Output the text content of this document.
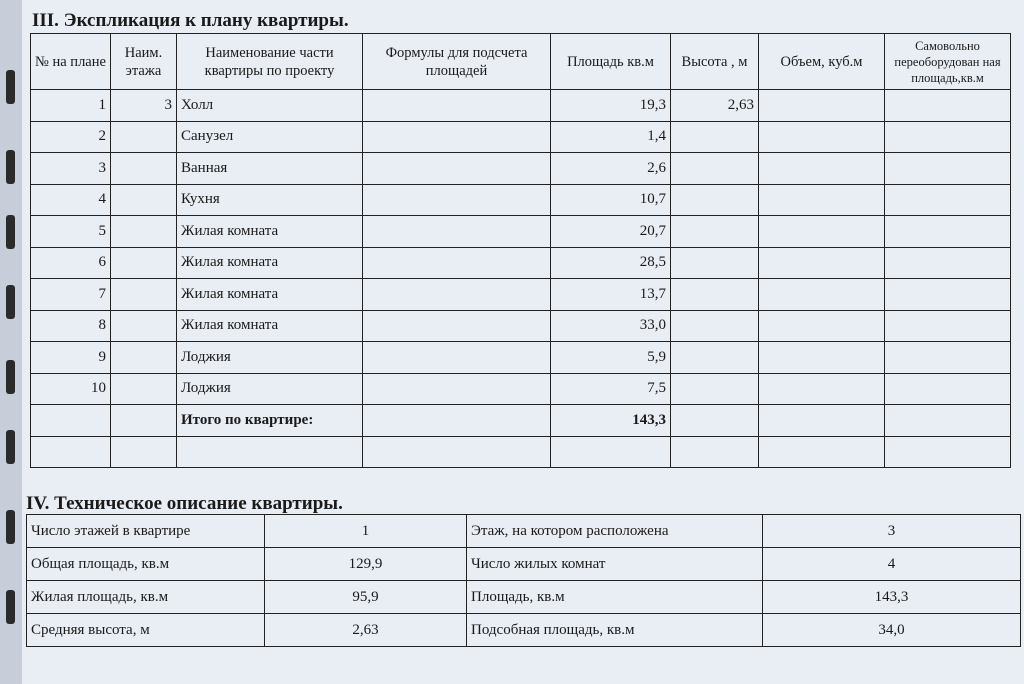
III. Экспликация к плану квартиры.
№ на плане	Наим. этажа	Наименование части квартиры по проекту	Формулы для подсчета площадей	Площадь кв.м	Высота , м	Объем, куб.м	Самовольно переоборудован ная площадь,кв.м
1	3	Холл		19,3	2,63		
2		Санузел		1,4			
3		Ванная		2,6			
4		Кухня		10,7			
5		Жилая комната		20,7			
6		Жилая комната		28,5			
7		Жилая комната		13,7			
8		Жилая комната		33,0			
9		Лоджия		5,9			
10		Лоджия		7,5			
		Итого по квартире:		143,3			

IV. Техническое описание квартиры.
Число этажей в квартире	1	Этаж, на котором расположена	3
Общая площадь, кв.м	129,9	Число жилых комнат	4
Жилая площадь, кв.м	95,9	Площадь, кв.м	143,3
Средняя высота, м	2,63	Подсобная площадь, кв.м	34,0
